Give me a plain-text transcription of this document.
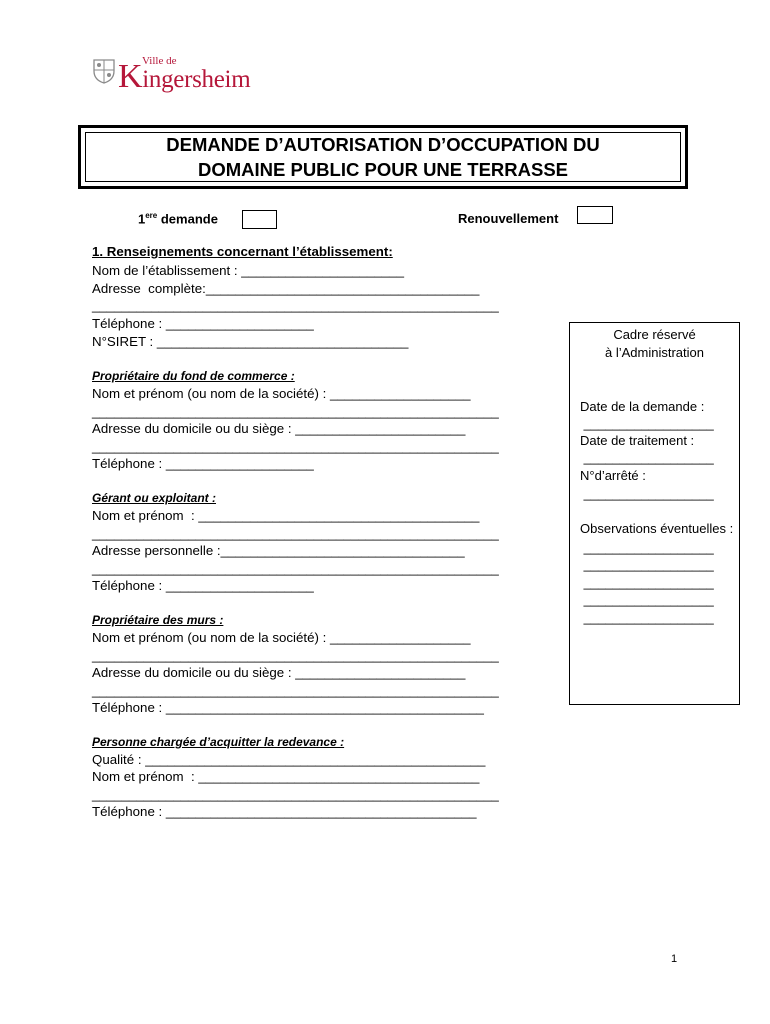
Ville de
Kingersheim
DEMANDE D’AUTORISATION D’OCCUPATION DU
DOMAINE PUBLIC POUR UNE TERRASSE
1ere demande	Renouvellement
1. Renseignements concernant l’établissement:
Nom de l’établissement : ______________________
Adresse  complète:_____________________________________
_______________________________________________________
Téléphone : ____________________
N°SIRET : __________________________________
Propriétaire du fond de commerce :
Nom et prénom (ou nom de la société) : ___________________
_______________________________________________________
Adresse du domicile ou du siège : _______________________
_______________________________________________________
Téléphone : ____________________
Gérant ou exploitant :
Nom et prénom  : ______________________________________
_______________________________________________________
Adresse personnelle :_________________________________
_______________________________________________________
Téléphone : ____________________
Propriétaire des murs :
Nom et prénom (ou nom de la société) : ___________________
_______________________________________________________
Adresse du domicile ou du siège : _______________________
_______________________________________________________
Téléphone : ___________________________________________
Personne chargée d’acquitter la redevance :
Qualité : ______________________________________________
Nom et prénom  : ______________________________________
_______________________________________________________
Téléphone : __________________________________________
Cadre réservé
à l’Administration
Date de la demande :
__________________
Date de traitement :
__________________
N°d’arrêté :
__________________
Observations éventuelles :
__________________
__________________
__________________
__________________
__________________
1
